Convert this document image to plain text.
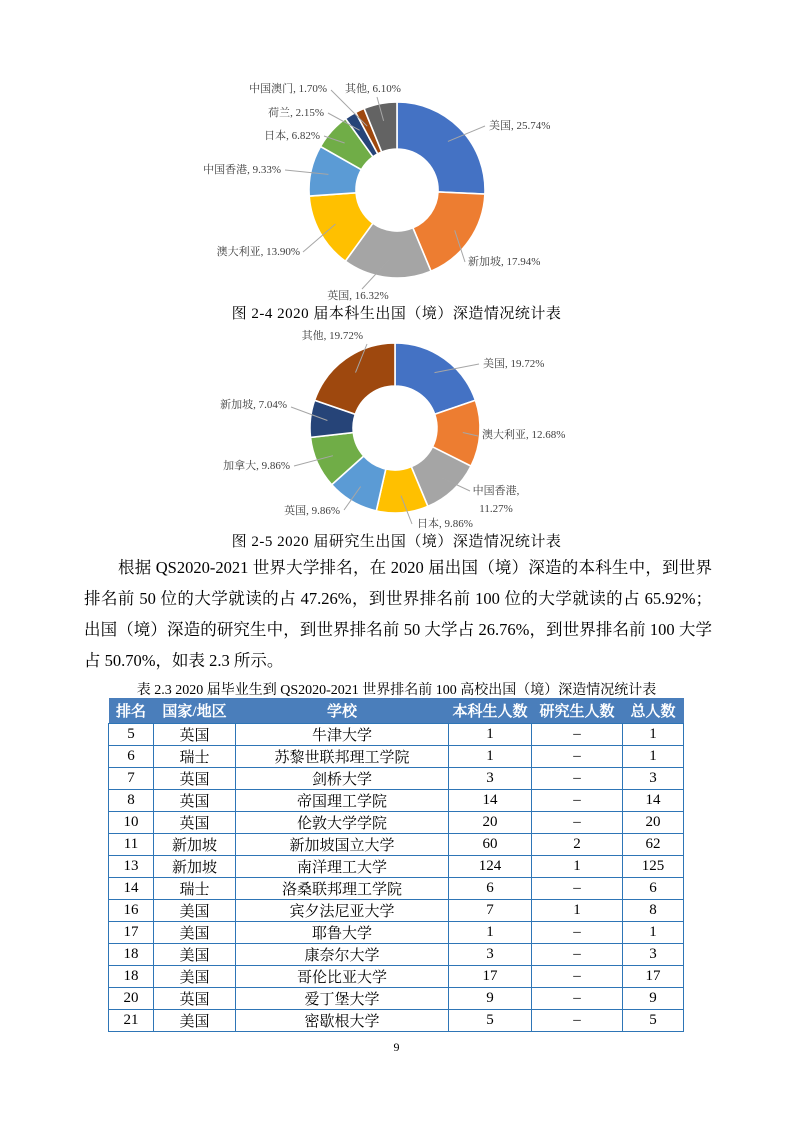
美国, 25.74%
新加坡, 17.94%
英国, 16.32%
澳大利亚, 13.90%
中国香港, 9.33%
日本, 6.82%
荷兰, 2.15%
中国澳门, 1.70% 其他, 6.10%
图 2-4 2020 届本科生出国（境）深造情况统计表
美国, 19.72%
澳大利亚, 12.68%
中国香港, 11.27%
日本, 9.86%
英国, 9.86%
加拿大, 9.86%
新加坡, 7.04%
其他, 19.72%
图 2-5 2020 届研究生出国（境）深造情况统计表
根据 QS2020-2021 世界大学排名，在 2020 届出国（境）深造的本科生中，到世界排名前 50 位的大学就读的占 47.26%，到世界排名前 100 位的大学就读的占 65.92%；出国（境）深造的研究生中，到世界排名前 50 大学占 26.76%，到世界排名前 100 大学占 50.70%，如表 2.3 所示。
表 2.3 2020 届毕业生到 QS2020-2021 世界排名前 100 高校出国（境）深造情况统计表
排名	国家/地区	学校	本科生人数	研究生人数	总人数
5	英国	牛津大学	1	–	1
6	瑞士	苏黎世联邦理工学院	1	–	1
7	英国	剑桥大学	3	–	3
8	英国	帝国理工学院	14	–	14
10	英国	伦敦大学学院	20	–	20
11	新加坡	新加坡国立大学	60	2	62
13	新加坡	南洋理工大学	124	1	125
14	瑞士	洛桑联邦理工学院	6	–	6
16	美国	宾夕法尼亚大学	7	1	8
17	美国	耶鲁大学	1	–	1
18	美国	康奈尔大学	3	–	3
18	美国	哥伦比亚大学	17	–	17
20	英国	爱丁堡大学	9	–	9
21	美国	密歇根大学	5	–	5
9
